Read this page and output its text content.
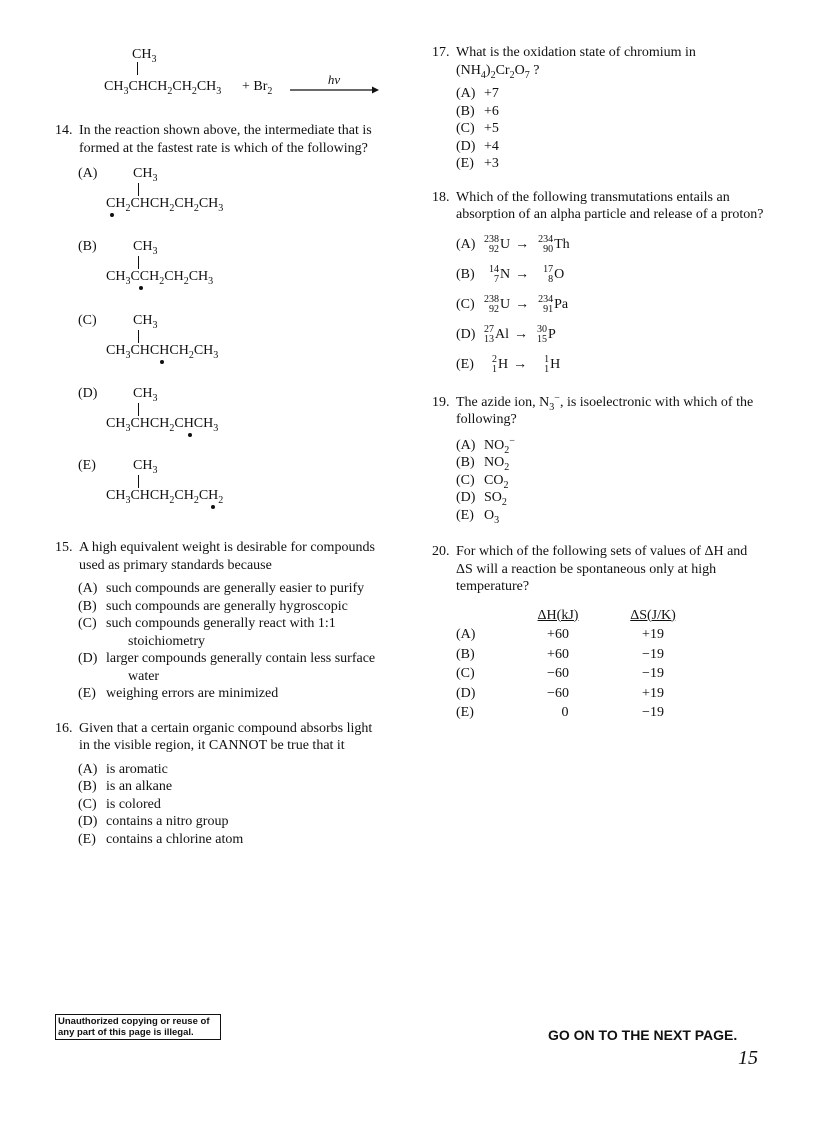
$CH_3$
$CH_3CHCH_2CH_2CH_3 + Br_2$
hv
14. In the reaction shown above, the intermediate that is formed at the fastest rate is which of the following?
(A)	$CH_3$
$CH_2CHCH_2CH_2CH_3$
(B)	$CH_3$
$CH_3CCH_2CH_2CH_3$
(C)	$CH_3$
$CH_3CHCHCH_2CH_3$
(D)	$CH_3$
$CH_3CHCH_2CHCH_3$
(E)	$CH_3$
$CH_3CHCH_2CH_2CH_2$
15. A high equivalent weight is desirable for compounds used as primary standards because
(A) such compounds are generally easier to purify
(B) such compounds are generally hygroscopic
(C) such compounds generally react with 1:1 stoichiometry
(D) larger compounds generally contain less surface water
(E) weighing errors are minimized
16. Given that a certain organic compound absorbs light in the visible region, it CANNOT be true that it
(A) is aromatic
(B) is an alkane
(C) is colored
(D) contains a nitro group
(E) contains a chlorine atom
17. What is the oxidation state of chromium in $(NH_4)_2Cr_2O_7$ ?
(A) +7
(B) +6
(C) +5
(D) +4
(E) +3
18. Which of the following transmutations entails an absorption of an alpha particle and release of a proton?
(A) 238
92 U → 234
90 Th
(B)	14
7 N → 17
8 O
(C) 238
92 U → 234
91 Pa
(D) 27
13 Al → 30
15 P
(E)	2
1 H → 1
1 H
19. The azide ion, $N_3^-$, is isoelectronic with which of the following?
(A) $NO_2^-$
(B) $NO_2$
(C) $CO_2$
(D) $SO_2$
(E) $O_3$
20. For which of the following sets of values of ΔH and ΔS will a reaction be spontaneous only at high temperature?
	ΔH(kJ)	ΔS(J/K)
(A)	+60	+19
(B)	+60	−19
(C)	−60	−19
(D)	−60	+19
(E)	0	−19
Unauthorized copying or reuse of any part of this page is illegal.	GO ON TO THE NEXT PAGE.
15
